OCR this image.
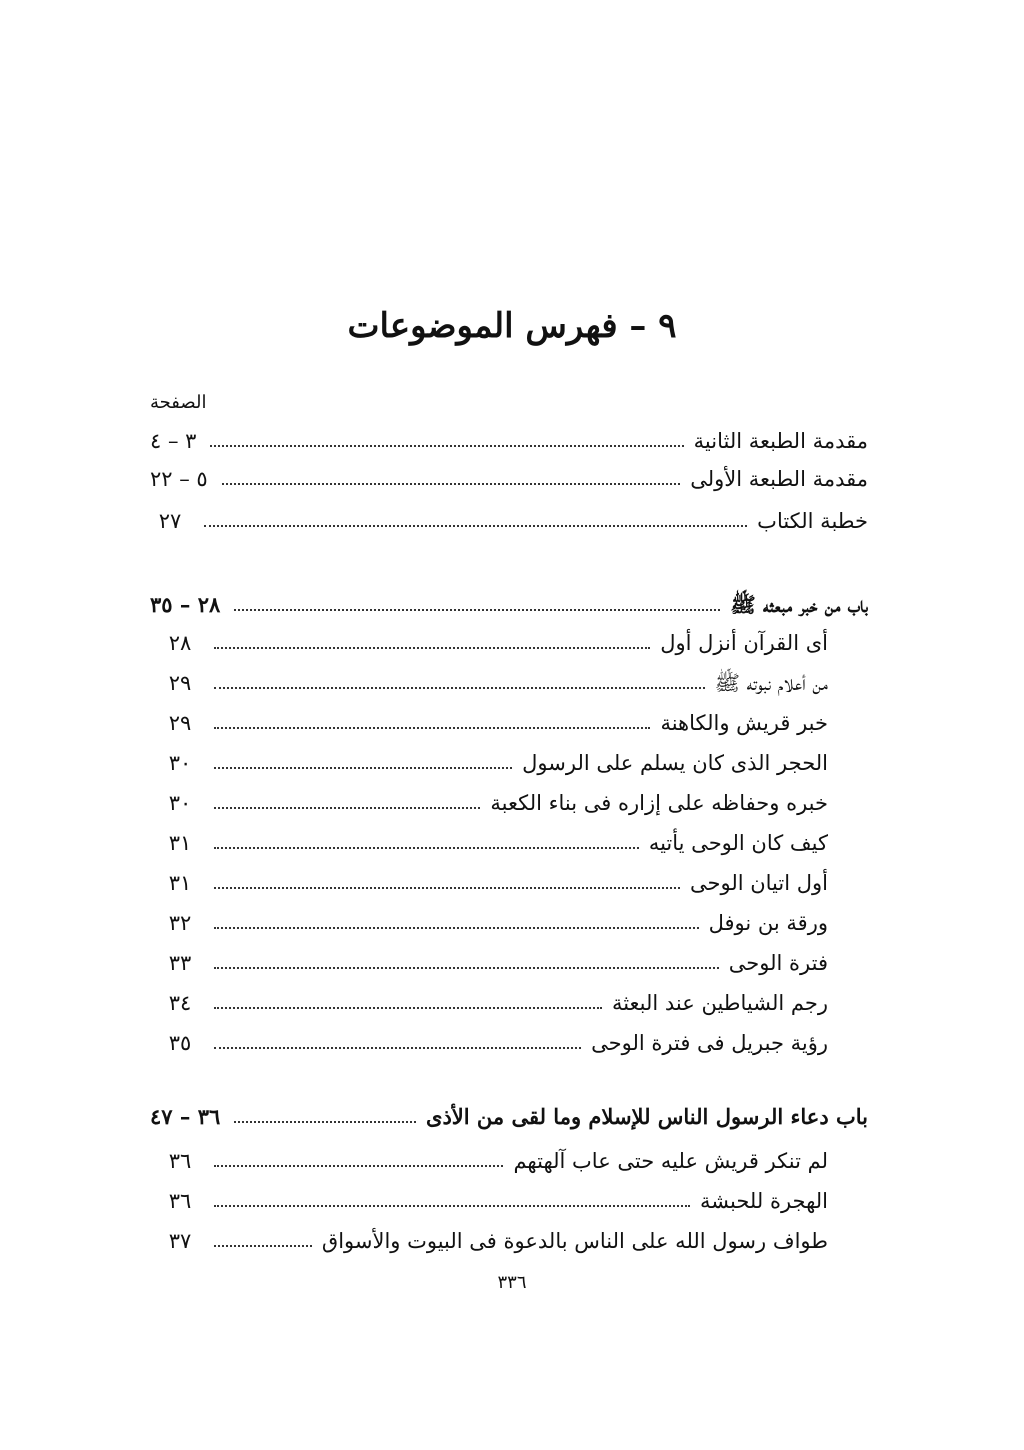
٩ – فهرس الموضوعات
الصفحة
مقدمة الطبعة الثانية
٣ – ٤
مقدمة الطبعة الأولى
٥ – ٢٢
خطبة الكتاب
٢٧
باب من خبر مبعثه ﷺ
٢٨ – ٣٥
أى القرآن أنزل أول
٢٨
من أعلام نبوته ﷺ
٢٩
خبر قريش والكاهنة
٢٩
الحجر الذى كان يسلم على الرسول
٣٠
خبره وحفاظه على إزاره فى بناء الكعبة
٣٠
كيف كان الوحى يأتيه
٣١
أول اتيان الوحى
٣١
ورقة بن نوفل
٣٢
فترة الوحى
٣٣
رجم الشياطين عند البعثة
٣٤
رؤية جبريل فى فترة الوحى
٣٥
باب دعاء الرسول الناس للإسلام وما لقى من الأذى
٣٦ – ٤٧
لم تنكر قريش عليه حتى عاب آلهتهم
٣٦
الهجرة للحبشة
٣٦
طواف رسول الله على الناس بالدعوة فى البيوت والأسواق
٣٧
٣٣٦
